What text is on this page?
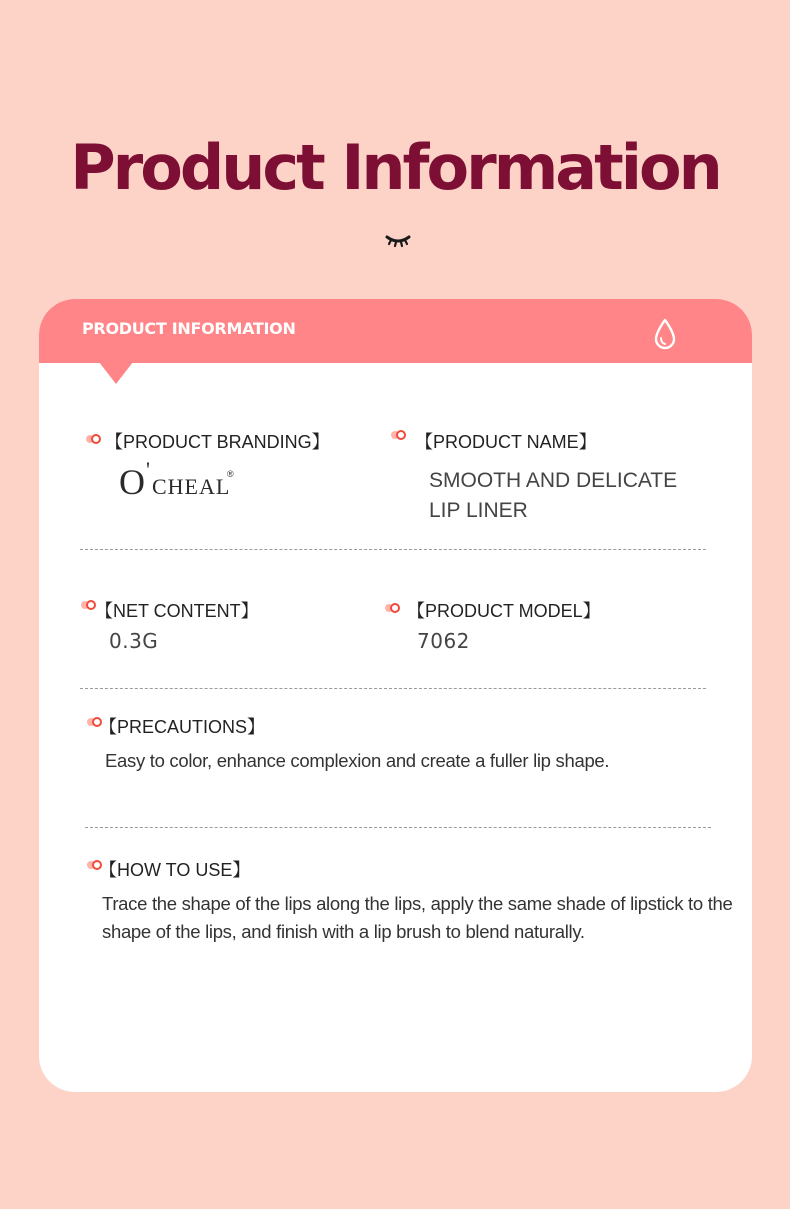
Product Information
PRODUCT INFORMATION
【PRODUCT BRANDING】
O '
CHEAL
®
【PRODUCT NAME】
SMOOTH AND DELICATE
LIP LINER
【NET CONTENT】
0.3G
【PRODUCT MODEL】
7062
【PRECAUTIONS】
Easy to color, enhance complexion and create a fuller lip shape.
【HOW TO USE】
Trace the shape of the lips along the lips, apply the same shade of lipstick to the
shape of the lips, and finish with a lip brush to blend naturally.
